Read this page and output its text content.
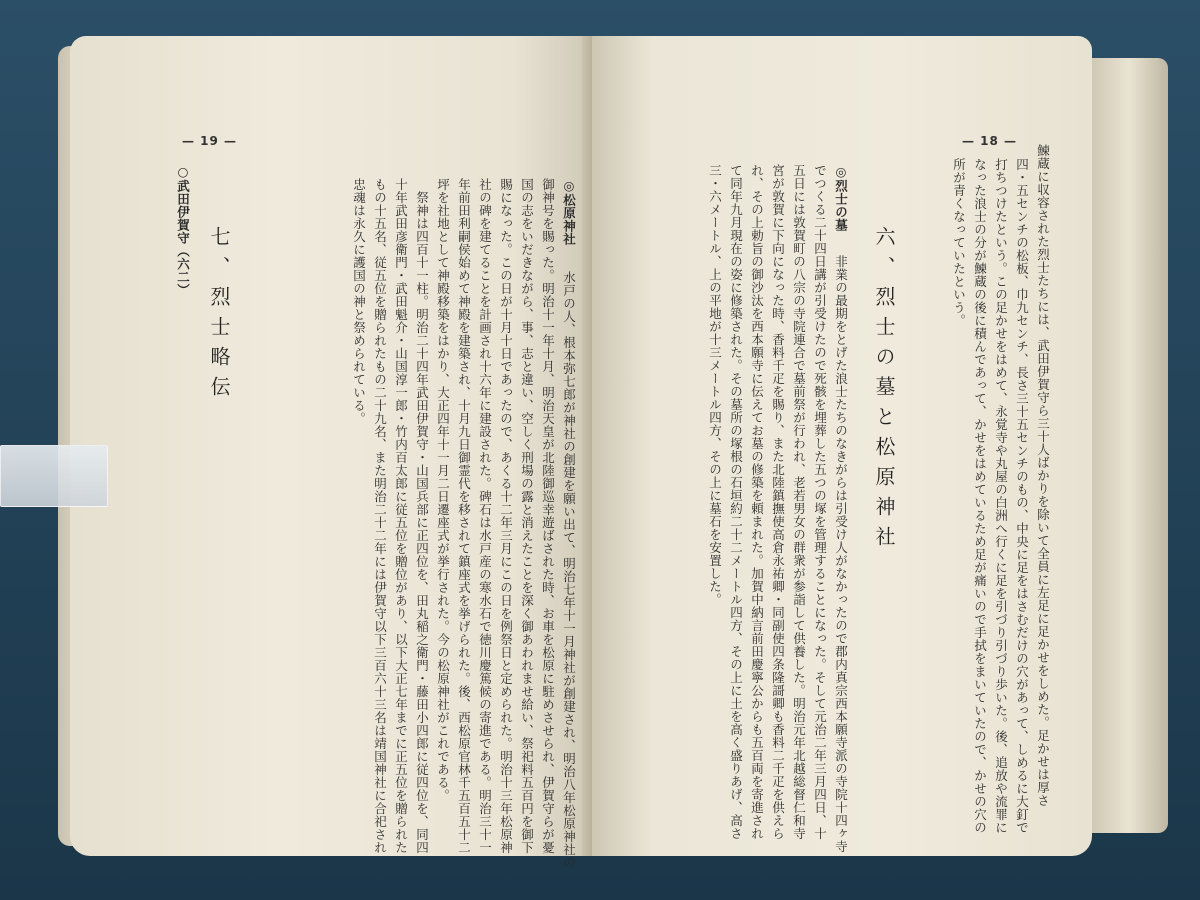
— 19 —
○武田伊賀守（六二） 七、烈士略伝
◎松原神社
　水戸の人、根本弥七郎が神社の創建を願い出て、明治七年十一月神社が創建され、明治八年松原神社の
御神号を賜った。明治十一年十月、明治天皇が北陸御巡幸遊ばされた時、お車を松原に駐めさせられ、伊賀守らが憂
国の志をいだきながら、事、志と違い、空しく刑場の露と消えたことを深く御あわれませ給い、祭祀料五百円を御下
賜になった。この日が十月十日であったので、あくる十二年三月にこの日を例祭日と定められた。明治十三年松原神
社の碑を建てることを計画され十六年に建設された。碑石は水戸産の寒水石で徳川慶篤候の寄進である。明治三十一
年前田利嗣侯始めて神殿を建築され、十月九日御霊代を移されて鎮座式を挙げられた。後、西松原官林千五百五十二
坪を社地として神殿移築をはかり、大正四年十一月二日遷座式が挙行された。今の松原神社がこれである。
　祭神は四百十一柱。明治二十四年武田伊賀守・山国兵部に正四位を、田丸稲之衛門・藤田小四郎に従四位を、同四
十年武田彦衛門・武田魁介・山国淳一郎・竹内百太郎に従五位を贈位があり、以下大正七年までに正五位を贈られた
もの十五名、従五位を贈られたもの二十九名、また明治二十二年には伊賀守以下三百六十三名は靖国神社に合祀され
忠魂は永久に護国の神と祭められている。
— 18 —
鰊蔵に収容された烈士たちには、武田伊賀守ら三十人ばかりを除いて全員に左足に足かせをしめた。足かせは厚さ
四・五センチの松板、巾九センチ、長さ三十五センチのもの、中央に足をはさむだけの穴があって、しめるに大釘で
打ちつけたという。この足かせをはめて、永覚寺や丸屋の白洲へ行くに足を引づり引づり歩いた。後、追放や流罪に
なった浪士の分が鰊蔵の後に積んであって、かせをはめているため足が痛いので手拭をまいていたので、かせの穴の
所が青くなっていたという。
六、烈士の墓と松原神社
◎烈士の墓
　非業の最期をとげた浪士たちのなきがらは引受け人がなかったので郡内真宗西本願寺派の寺院十四ヶ寺
でつくる二十四日講が引受けたので死骸を埋葬した五つの塚を管理することになった。そして元治二年三月四日、十
五日には敦賀町の八宗の寺院連合で墓前祭が行われ、老若男女の群衆が参詣して供養した。明治元年北越総督仁和寺
宮が敦賀に下向になった時、香料千疋を賜り、また北陸鎮撫使高倉永祐卿・同副使四条隆謌卿も香料二千疋を供えら
れ、その上勅旨の御沙汰を西本願寺に伝えてお墓の修築を頼まれた。加賀中納言前田慶寧公からも五百両を寄進され
て同年九月現在の姿に修築された。その墓所の塚根の石垣約二十二メートル四方、その上に土を高く盛りあげ、高さ
三・六メートル、上の平地が十三メートル四方、その上に墓石を安置した。
